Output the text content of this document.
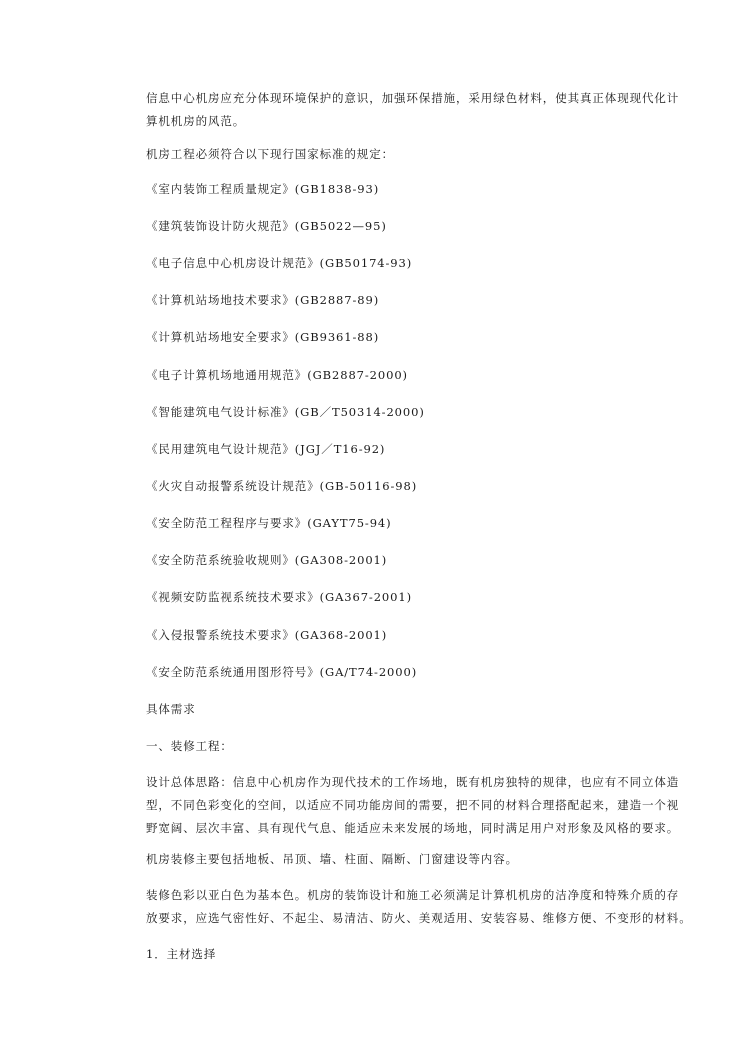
信息中心机房应充分体现环境保护的意识，加强环保措施，采用绿色材料，使其真正体现现代化计
算机机房的风范。
机房工程必须符合以下现行国家标准的规定：
《室内装饰工程质量规定》(GB1838-93)
《建筑装饰设计防火规范》(GB5022—95)
《电子信息中心机房设计规范》(GB50174-93)
《计算机站场地技术要求》(GB2887-89)
《计算机站场地安全要求》(GB9361-88)
《电子计算机场地通用规范》(GB2887-2000)
《智能建筑电气设计标准》(GB／T50314-2000)
《民用建筑电气设计规范》(JGJ／T16-92)
《火灾自动报警系统设计规范》(GB-50116-98)
《安全防范工程程序与要求》(GAYT75-94)
《安全防范系统验收规则》(GA308-2001)
《视频安防监视系统技术要求》(GA367-2001)
《入侵报警系统技术要求》(GA368-2001)
《安全防范系统通用图形符号》(GA/T74-2000)
具体需求
一、装修工程：
设计总体思路：信息中心机房作为现代技术的工作场地，既有机房独特的规律，也应有不同立体造
型，不同色彩变化的空间，以适应不同功能房间的需要，把不同的材料合理搭配起来，建造一个视
野宽阔、层次丰富、具有现代气息、能适应未来发展的场地，同时满足用户对形象及风格的要求。
机房装修主要包括地板、吊顶、墙、柱面、隔断、门窗建设等内容。
装修色彩以亚白色为基本色。机房的装饰设计和施工必须满足计算机机房的洁净度和特殊介质的存
放要求，应选气密性好、不起尘、易清洁、防火、美观适用、安装容易、维修方便、不变形的材料。
1．主材选择
